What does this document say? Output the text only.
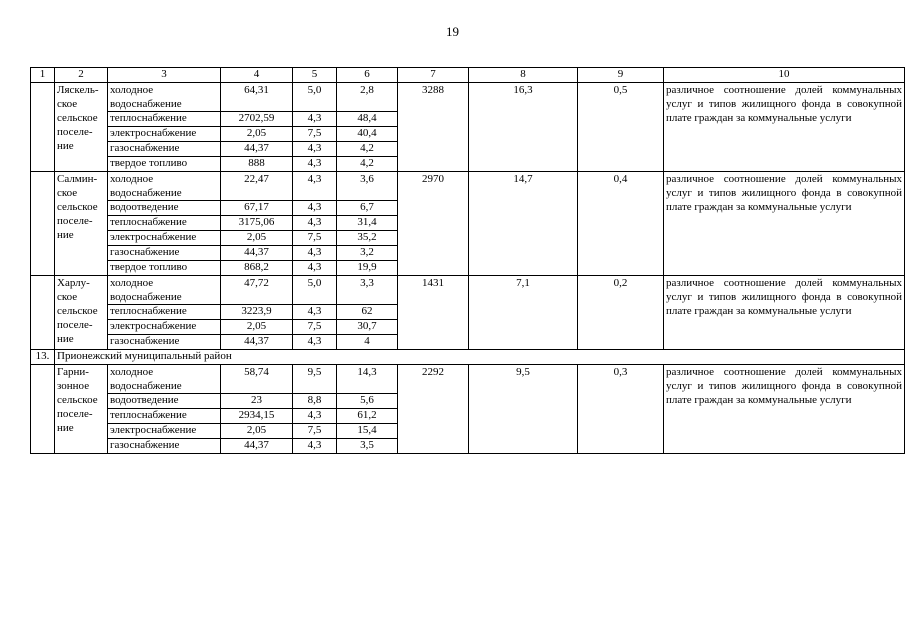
19
1	2	3	4	5	6	7	8	9	10
	Ляскель-ское сельское поселе-ние	холодное водоснабжение	64,31	5,0	2,8	3288	16,3	0,5	различное соотношение долей коммунальных услуг и типов жилищного фонда в совокупной плате граждан за коммунальные услуги
		теплоснабжение	2702,59	4,3	48,4				
		электроснабжение	2,05	7,5	40,4				
		газоснабжение	44,37	4,3	4,2				
		твердое топливо	888	4,3	4,2				
	Салмин-ское сельское поселе-ние	холодное водоснабжение	22,47	4,3	3,6	2970	14,7	0,4	различное соотношение долей коммунальных услуг и типов жилищного фонда в совокупной плате граждан за коммунальные услуги
		водоотведение	67,17	4,3	6,7				
		теплоснабжение	3175,06	4,3	31,4				
		электроснабжение	2,05	7,5	35,2				
		газоснабжение	44,37	4,3	3,2				
		твердое топливо	868,2	4,3	19,9				
	Харлу-ское сельское поселе-ние	холодное водоснабжение	47,72	5,0	3,3	1431	7,1	0,2	различное соотношение долей коммунальных услуг и типов жилищного фонда в совокупной плате граждан за коммунальные услуги
		теплоснабжение	3223,9	4,3	62				
		электроснабжение	2,05	7,5	30,7				
		газоснабжение	44,37	4,3	4				
13.	Прионежский муниципальный район								
	Гарни-зонное сельское поселе-ние	холодное водоснабжение	58,74	9,5	14,3	2292	9,5	0,3	различное соотношение долей коммунальных услуг и типов жилищного фонда в совокупной плате граждан за коммунальные услуги
		водоотведение	23	8,8	5,6				
		теплоснабжение	2934,15	4,3	61,2				
		электроснабжение	2,05	7,5	15,4				
		газоснабжение	44,37	4,3	3,5				
